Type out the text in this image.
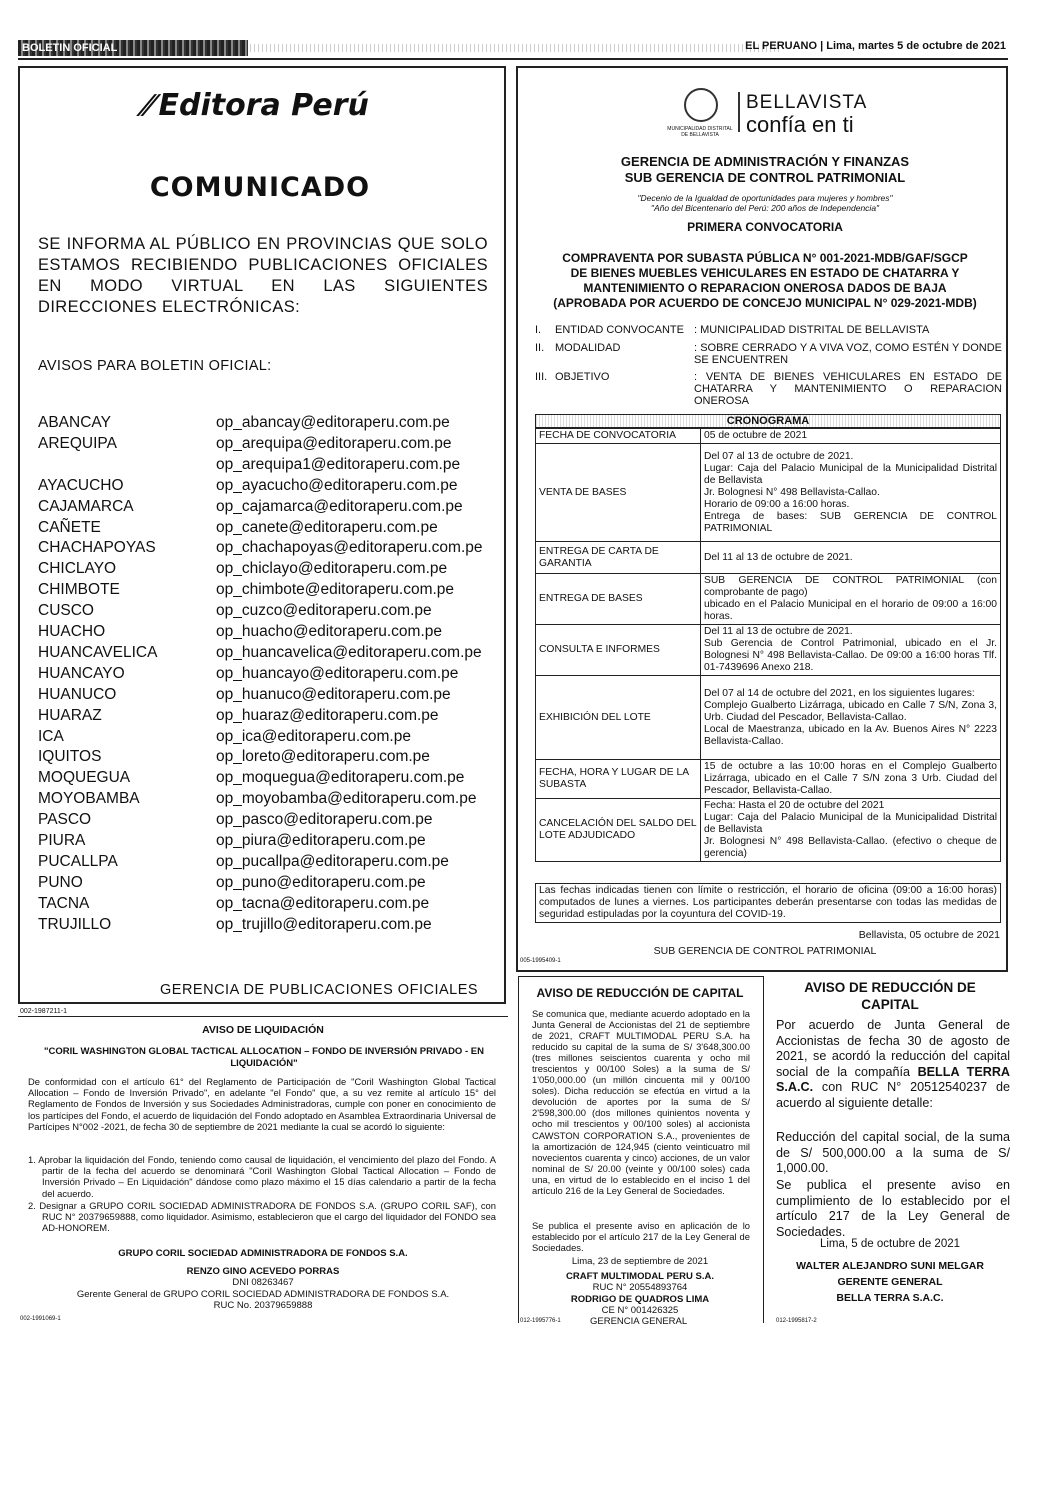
BOLETIN OFICIAL	EL PERUANO | Lima, martes 5 de octubre de 2021
⫽Editora Perú
COMUNICADO
SE INFORMA AL PÚBLICO EN PROVINCIAS QUE SOLO ESTAMOS RECIBIENDO PUBLICACIONES OFICIALES EN MODO VIRTUAL EN LAS SIGUIENTES DIRECCIONES ELECTRÓNICAS:
AVISOS PARA BOLETIN OFICIAL:
ABANCAY	op_abancay@editoraperu.com.pe
AREQUIPA	op_arequipa@editoraperu.com.pe
op_arequipa1@editoraperu.com.pe
AYACUCHO	op_ayacucho@editoraperu.com.pe
CAJAMARCA	op_cajamarca@editoraperu.com.pe
CAÑETE	op_canete@editoraperu.com.pe
CHACHAPOYAS	op_chachapoyas@editoraperu.com.pe
CHICLAYO	op_chiclayo@editoraperu.com.pe
CHIMBOTE	op_chimbote@editoraperu.com.pe
CUSCO	op_cuzco@editoraperu.com.pe
HUACHO	op_huacho@editoraperu.com.pe
HUANCAVELICA	op_huancavelica@editoraperu.com.pe
HUANCAYO	op_huancayo@editoraperu.com.pe
HUANUCO	op_huanuco@editoraperu.com.pe
HUARAZ	op_huaraz@editoraperu.com.pe
ICA	op_ica@editoraperu.com.pe
IQUITOS	op_loreto@editoraperu.com.pe
MOQUEGUA	op_moquegua@editoraperu.com.pe
MOYOBAMBA	op_moyobamba@editoraperu.com.pe
PASCO	op_pasco@editoraperu.com.pe
PIURA	op_piura@editoraperu.com.pe
PUCALLPA	op_pucallpa@editoraperu.com.pe
PUNO	op_puno@editoraperu.com.pe
TACNA	op_tacna@editoraperu.com.pe
TRUJILLO	op_trujillo@editoraperu.com.pe
GERENCIA DE PUBLICACIONES OFICIALES
002-1987211-1
MUNICIPALIDAD DISTRITAL DE BELLAVISTA
BELLAVISTA
confía en ti
GERENCIA DE ADMINISTRACIÓN Y FINANZAS
SUB GERENCIA DE CONTROL PATRIMONIAL
"Decenio de la Igualdad de oportunidades para mujeres y hombres"
"Año del Bicentenario del Perú: 200 años de Independencia"
PRIMERA CONVOCATORIA
COMPRAVENTA POR SUBASTA PÚBLICA N° 001-2021-MDB/GAF/SGCP
DE BIENES MUEBLES VEHICULARES EN ESTADO DE CHATARRA Y
MANTENIMIENTO O REPARACION ONEROSA DADOS DE BAJA
(APROBADA POR ACUERDO DE CONCEJO MUNICIPAL N° 029-2021-MDB)
I. ENTIDAD CONVOCANTE : MUNICIPALIDAD DISTRITAL DE BELLAVISTA
II. MODALIDAD	: SOBRE CERRADO Y A VIVA VOZ, COMO ESTÉN Y DONDE SE ENCUENTREN
III. OBJETIVO	: VENTA DE BIENES VEHICULARES EN ESTADO DE CHATARRA Y MANTENIMIENTO O REPARACION ONEROSA
CRONOGRAMA
FECHA DE CONVOCATORIA	05 de octubre de 2021

VENTA DE BASES	Del 07 al 13 de octubre de 2021.
Lugar: Caja del Palacio Municipal de la Municipalidad Distrital de Bellavista
Jr. Bolognesi N° 498 Bellavista-Callao.
Horario de 09:00 a 16:00 horas.
Entrega de bases: SUB GERENCIA DE CONTROL PATRIMONIAL

ENTREGA DE CARTA DE GARANTIA	Del 11 al 13 de octubre de 2021.

ENTREGA DE BASES	SUB GERENCIA DE CONTROL PATRIMONIAL (con comprobante de pago)
ubicado en el Palacio Municipal en el horario de 09:00 a 16:00 horas.

CONSULTA E INFORMES	Del 11 al 13 de octubre de 2021.
Sub Gerencia de Control Patrimonial, ubicado en el Jr. Bolognesi N° 498 Bellavista-Callao. De 09:00 a 16:00 horas Tlf. 01-7439696 Anexo 218.

EXHIBICIÓN DEL LOTE	Del 07 al 14 de octubre del 2021, en los siguientes lugares:
Complejo Gualberto Lizárraga, ubicado en Calle 7 S/N, Zona 3, Urb. Ciudad del Pescador, Bellavista-Callao.
Local de Maestranza, ubicado en la Av. Buenos Aires N° 2223 Bellavista-Callao.

FECHA, HORA Y LUGAR DE LA SUBASTA	15 de octubre a las 10:00 horas en el Complejo Gualberto Lizárraga, ubicado en el Calle 7 S/N zona 3 Urb. Ciudad del Pescador, Bellavista-Callao.

CANCELACIÓN DEL SALDO DEL LOTE ADJUDICADO	Fecha: Hasta el 20 de octubre del 2021
Lugar: Caja del Palacio Municipal de la Municipalidad Distrital de Bellavista
Jr. Bolognesi N° 498 Bellavista-Callao. (efectivo o cheque de gerencia)
Las fechas indicadas tienen con límite o restricción, el horario de oficina (09:00 a 16:00 horas) computados de lunes a viernes. Los participantes deberán presentarse con todas las medidas de seguridad estipuladas por la coyuntura del COVID-19.
Bellavista, 05 octubre de 2021
SUB GERENCIA DE CONTROL PATRIMONIAL
005-1995409-1
AVISO DE LIQUIDACIÓN
"CORIL WASHINGTON GLOBAL TACTICAL ALLOCATION – FONDO DE INVERSIÓN PRIVADO - EN LIQUIDACIÓN"
De conformidad con el artículo 61° del Reglamento de Participación de "Coril Washington Global Tactical Allocation – Fondo de Inversión Privado", en adelante "el Fondo" que, a su vez remite al artículo 15° del Reglamento de Fondos de Inversión y sus Sociedades Administradoras, cumple con poner en conocimiento de los partícipes del Fondo, el acuerdo de liquidación del Fondo adoptado en Asamblea Extraordinaria Universal de Partícipes N°002 -2021, de fecha 30 de septiembre de 2021 mediante la cual se acordó lo siguiente:
1. Aprobar la liquidación del Fondo, teniendo como causal de liquidación, el vencimiento del plazo del Fondo. A partir de la fecha del acuerdo se denominará "Coril Washington Global Tactical Allocation – Fondo de Inversión Privado – En Liquidación" dándose como plazo máximo el 15 días calendario a partir de la fecha del acuerdo.
2. Designar a GRUPO CORIL SOCIEDAD ADMINISTRADORA DE FONDOS S.A. (GRUPO CORIL SAF), con RUC N° 20379659888, como liquidador. Asimismo, establecieron que el cargo del liquidador del FONDO sea AD-HONOREM.
GRUPO CORIL SOCIEDAD ADMINISTRADORA DE FONDOS S.A.
RENZO GINO ACEVEDO PORRAS
DNI 08263467
Gerente General de GRUPO CORIL SOCIEDAD ADMINISTRADORA DE FONDOS S.A.
RUC No. 20379659888
002-1991069-1
AVISO DE REDUCCIÓN DE CAPITAL
Se comunica que, mediante acuerdo adoptado en la Junta General de Accionistas del 21 de septiembre de 2021, CRAFT MULTIMODAL PERU S.A. ha reducido su capital de la suma de S/ 3'648,300.00 (tres millones seiscientos cuarenta y ocho mil trescientos y 00/100 Soles) a la suma de S/ 1'050,000.00 (un millón cincuenta mil y 00/100 soles). Dicha reducción se efectúa en virtud a la devolución de aportes por la suma de S/ 2'598,300.00 (dos millones quinientos noventa y ocho mil trescientos y 00/100 soles) al accionista CAWSTON CORPORATION S.A., provenientes de la amortización de 124,945 (ciento veinticuatro mil novecientos cuarenta y cinco) acciones, de un valor nominal de S/ 20.00 (veinte y 00/100 soles) cada una, en virtud de lo establecido en el inciso 1 del artículo 216 de la Ley General de Sociedades.
Se publica el presente aviso en aplicación de lo establecido por el artículo 217 de la Ley General de Sociedades.
Lima, 23 de septiembre de 2021
CRAFT MULTIMODAL PERU S.A.
RUC N° 20554893764
RODRIGO DE QUADROS LIMA
CE N° 001426325
GERENCIA GENERAL
012-1995776-1
AVISO DE REDUCCIÓN DE
CAPITAL
Por acuerdo de Junta General de Accionistas de fecha 30 de agosto de 2021, se acordó la reducción del capital social de la compañía BELLA TERRA S.A.C. con RUC N° 20512540237 de acuerdo al siguiente detalle:
Reducción del capital social, de la suma de S/ 500,000.00 a la suma de S/ 1,000.00.
Se publica el presente aviso en cumplimiento de lo establecido por el artículo 217 de la Ley General de Sociedades.
Lima, 5 de octubre de 2021
WALTER ALEJANDRO SUNI MELGAR
GERENTE GENERAL
BELLA TERRA S.A.C.
012-1995817-2
